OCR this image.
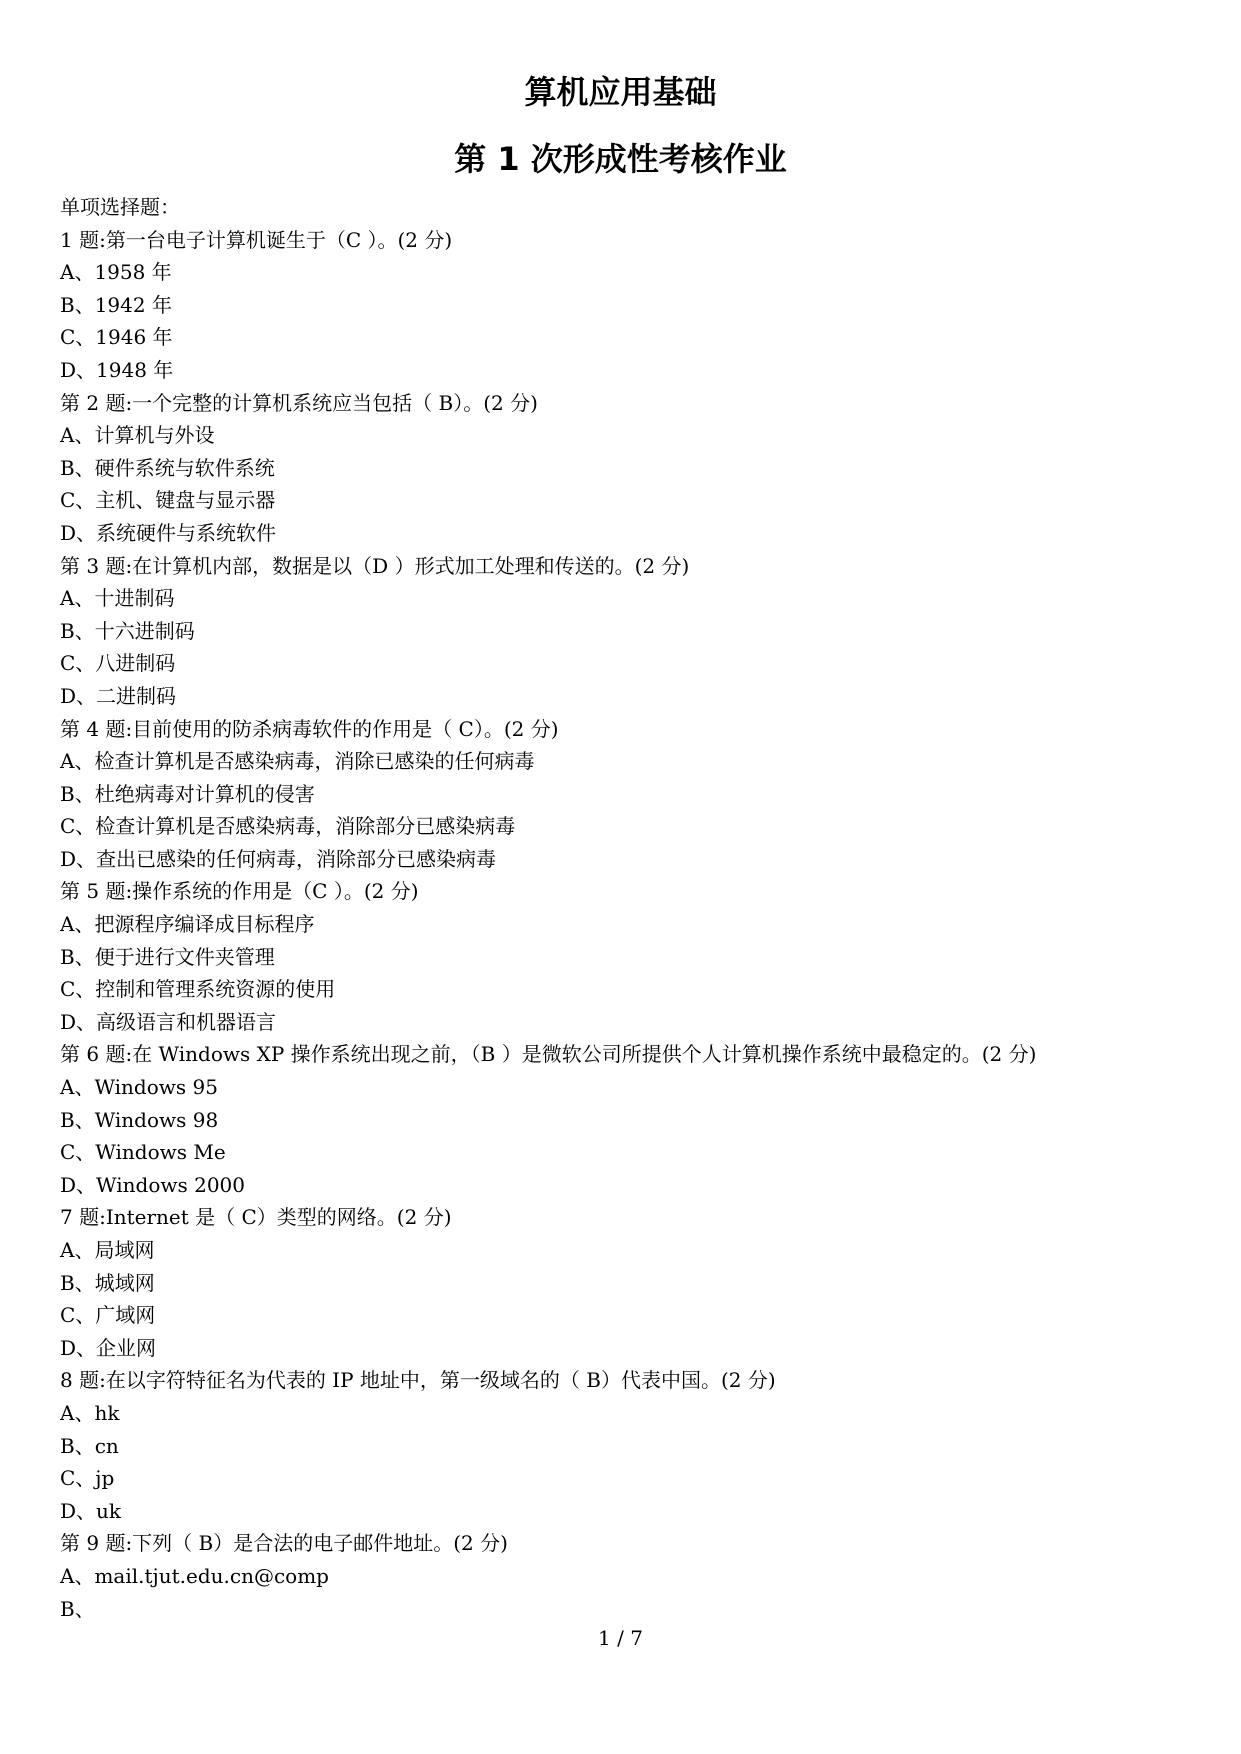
算机应用基础
第 1 次形成性考核作业
单项选择题：
1 题:第一台电子计算机诞生于（C ）。(2 分)
A、1958 年
B、1942 年
C、1946 年
D、1948 年
第 2 题:一个完整的计算机系统应当包括（ B）。(2 分)
A、计算机与外设
B、硬件系统与软件系统
C、主机、键盘与显示器
D、系统硬件与系统软件
第 3 题:在计算机内部，数据是以（D ）形式加工处理和传送的。(2 分)
A、十进制码
B、十六进制码
C、八进制码
D、二进制码
第 4 题:目前使用的防杀病毒软件的作用是（ C）。(2 分)
A、检查计算机是否感染病毒，消除已感染的任何病毒
B、杜绝病毒对计算机的侵害
C、检查计算机是否感染病毒，消除部分已感染病毒
D、查出已感染的任何病毒，消除部分已感染病毒
第 5 题:操作系统的作用是（C ）。(2 分)
A、把源程序编译成目标程序
B、便于进行文件夹管理
C、控制和管理系统资源的使用
D、高级语言和机器语言
第 6 题:在 Windows XP 操作系统出现之前，（B ）是微软公司所提供个人计算机操作系统中最稳定的。(2 分)
A、Windows 95
B、Windows 98
C、Windows Me
D、Windows 2000
7 题:Internet 是（ C）类型的网络。(2 分)
A、局域网
B、城域网
C、广域网
D、企业网
8 题:在以字符特征名为代表的 IP 地址中，第一级域名的（ B）代表中国。(2 分)
A、hk
B、cn
C、jp
D、uk
第 9 题:下列（ B）是合法的电子邮件地址。(2 分)
A、mail.tjut.edu.cn@comp
B、
1 / 7
